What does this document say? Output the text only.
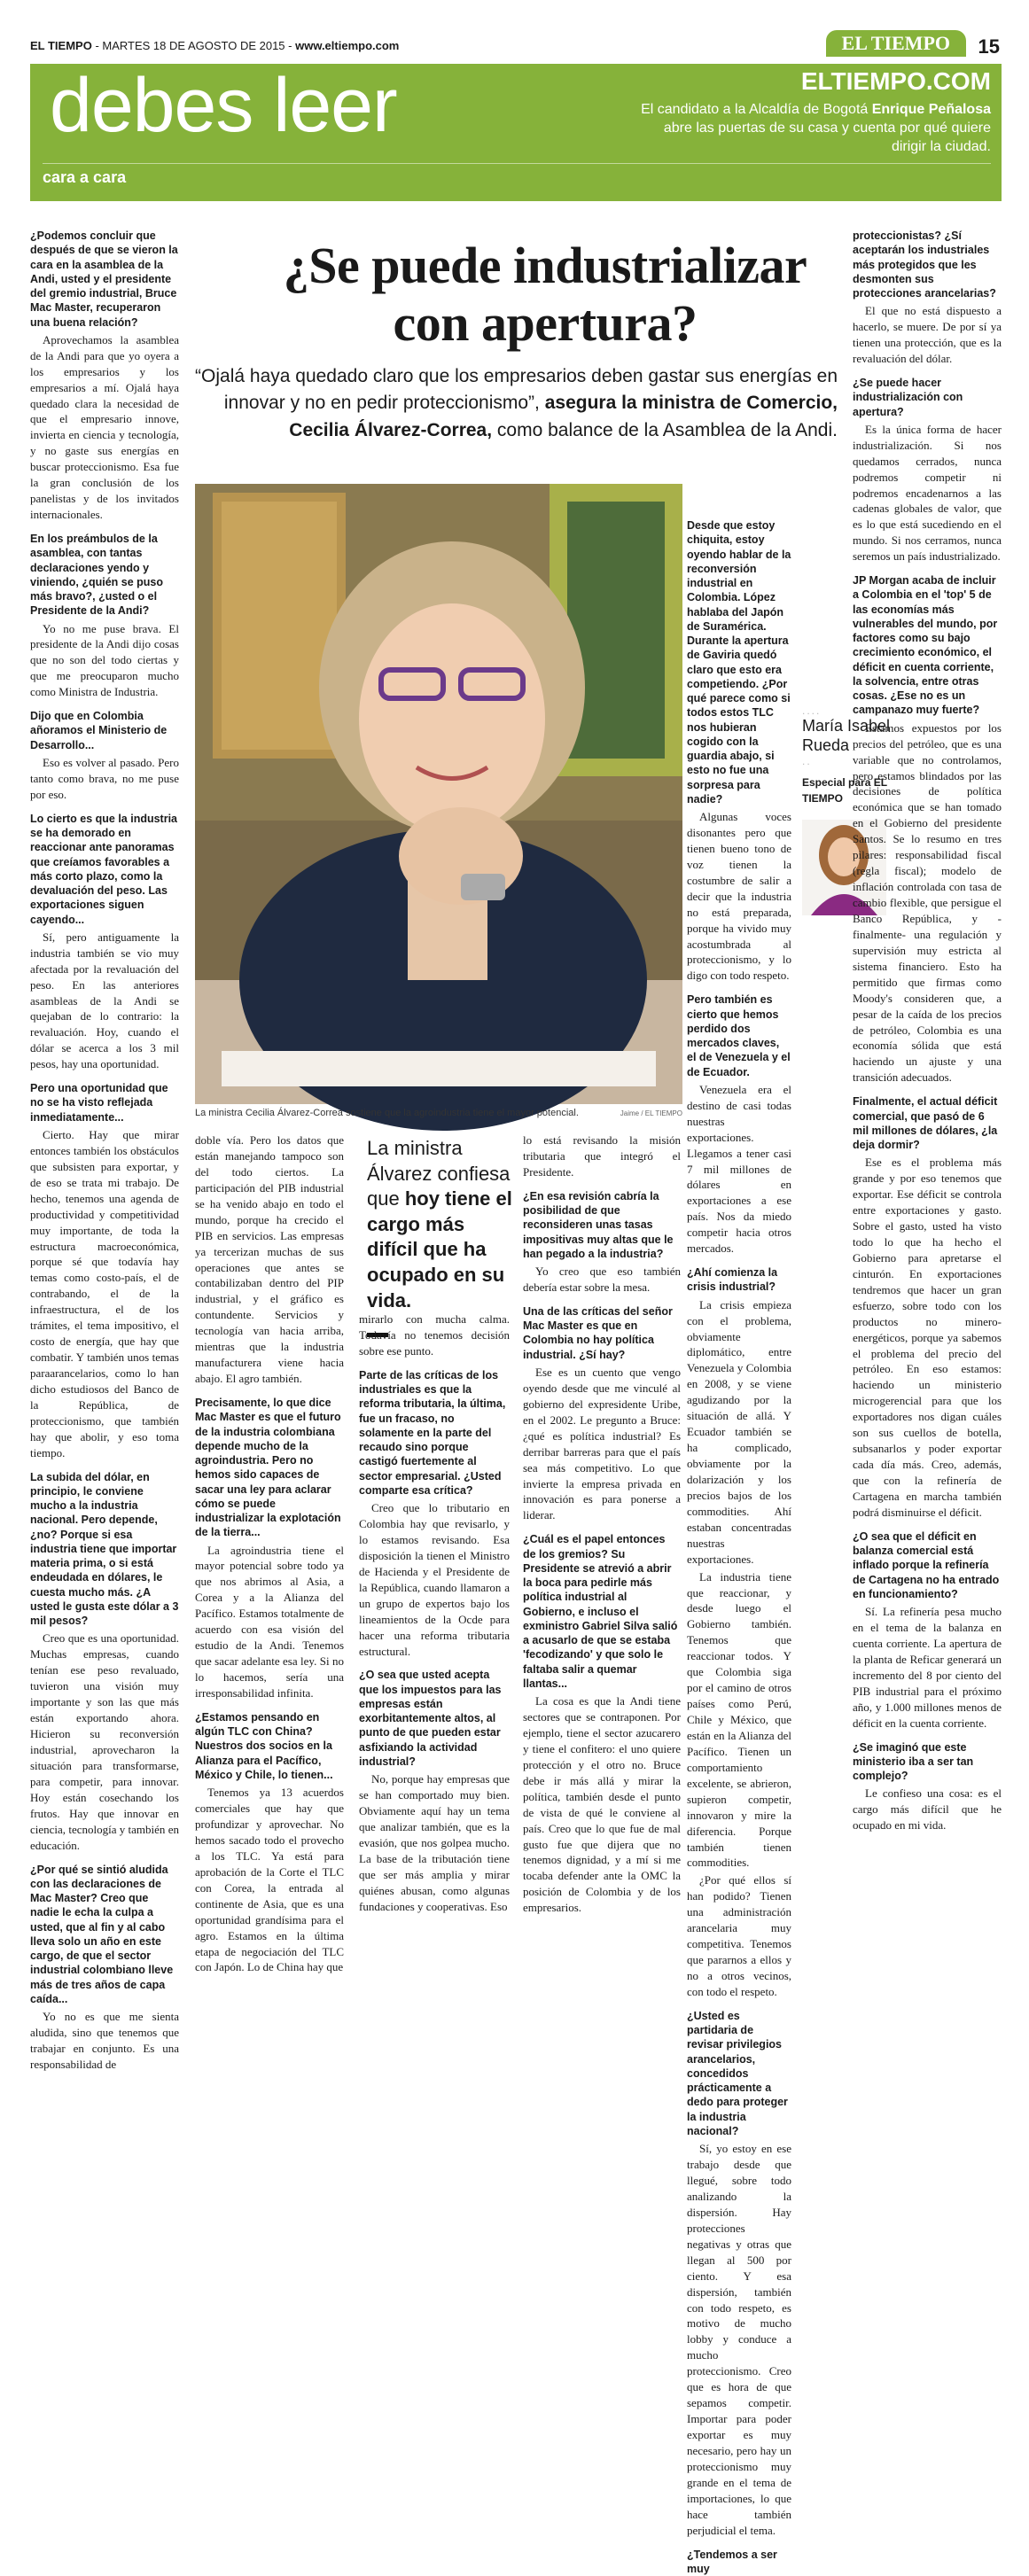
EL TIEMPO - MARTES 18 DE AGOSTO DE 2015 - www.eltiempo.com	EL TIEMPO	15
debes leer
cara a cara
ELTIEMPO.COM
El candidato a la Alcaldía de Bogotá Enrique Peñalosa abre las puertas de su casa y cuenta por qué quiere dirigir la ciudad.
¿Se puede industrializar
con apertura?
“Ojalá haya quedado claro que los empresarios deben gastar sus energías en innovar y no en pedir proteccionismo”, asegura la ministra de Comercio,
Cecilia Álvarez-Correa, como balance de la Asamblea de la Andi.
La ministra Cecilia Álvarez-Correa sostiene que la agroindustria tiene el mayor potencial.	Jaime / EL TIEMPO
La ministra Álvarez confiesa
que hoy tiene el cargo más difícil que ha ocupado en su vida.
....
María Isabel Rueda
..
Especial para EL TIEMPO

¿Podemos concluir que después de que se vieron la cara en la asamblea de la Andi, usted y el presidente del gremio industrial, Bruce Mac Master, recuperaron una buena relación?

Aprovechamos la asamblea de la Andi para que yo oyera a los empresarios y los empresarios a mí. Ojalá haya quedado clara la necesidad de que el empresario innove, invierta en ciencia y tecnología, y no gaste sus energías en buscar proteccionismo. Esa fue la gran conclusión de los panelistas y de los invitados internacionales.

En los preámbulos de la asamblea, con tantas declaraciones yendo y viniendo, ¿quién se puso más bravo?, ¿usted o el Presidente de la Andi?

Yo no me puse brava. El presidente de la Andi dijo cosas que no son del todo ciertas y que me preocuparon mucho como Ministra de Industria.

Dijo que en Colombia añoramos el Ministerio de Desarrollo...

Eso es volver al pasado. Pero tanto como brava, no me puse por eso.

Lo cierto es que la industria se ha demorado en reaccionar ante panoramas que creíamos favorables a más corto plazo, como la devaluación del peso. Las exportaciones siguen cayendo...

Sí, pero antiguamente la industria también se vio muy afectada por la revaluación del peso. En las anteriores asambleas de la Andi se quejaban de lo contrario: la revaluación. Hoy, cuando el dólar se acerca a los 3 mil pesos, hay una oportunidad.

Pero una oportunidad que no se ha visto reflejada inmediatamente...

Cierto. Hay que mirar entonces también los obstáculos que subsisten para exportar, y de eso se trata mi trabajo. De hecho, tenemos una agenda de productividad y competitividad muy importante, de toda la estructura macroeconómica, porque sé que todavía hay temas como costo-país, el de contrabando, el de la infraestructura, el de los trámites, el tema impositivo, el costo de energía, que hay que combatir. Y también unos temas paraarancelarios, como lo han dicho estudiosos del Banco de la República, de proteccionismo, que también hay que abolir, y eso toma tiempo.

La subida del dólar, en principio, le conviene mucho a la industria nacional. Pero depende, ¿no? Porque si esa industria tiene que importar materia prima, o si está endeudada en dólares, le cuesta mucho más. ¿A usted le gusta este dólar a 3 mil pesos?

Creo que es una oportunidad. Muchas empresas, cuando tenían ese peso revaluado, tuvieron una visión muy importante y son las que más están exportando ahora. Hicieron su reconversión industrial, aprovecharon la situación para transformarse, para competir, para innovar. Hoy están cosechando los frutos. Hay que innovar en ciencia, tecnología y también en educación.

¿Por qué se sintió aludida con las declaraciones de Mac Master? Creo que nadie le echa la culpa a usted, que al fin y al cabo lleva solo un año en este cargo, de que el sector industrial colombiano lleve más de tres años de capa caída...

Yo no es que me sienta aludida, sino que tenemos que trabajar en conjunto. Es una responsabilidad de

doble vía. Pero los datos que están manejando tampoco son del todo ciertos. La participación del PIB industrial se ha venido abajo en todo el mundo, porque ha crecido el PIB en servicios. Las empresas ya tercerizan muchas de sus operaciones que antes se contabilizaban dentro del PIP industrial, y el gráfico es contundente. Servicios y tecnología van hacia arriba, mientras que la industria manufacturera viene hacia abajo. El agro también.

Precisamente, lo que dice Mac Master es que el futuro de la industria colombiana depende mucho de la agroindustria. Pero no hemos sido capaces de sacar una ley para aclarar cómo se puede industrializar la explotación de la tierra...

La agroindustria tiene el mayor potencial sobre todo ya que nos abrimos al Asia, a Corea y a la Alianza del Pacífico. Estamos totalmente de acuerdo con esa visión del estudio de la Andi. Tenemos que sacar adelante esa ley. Si no lo hacemos, sería una irresponsabilidad infinita.

¿Estamos pensando en algún TLC con China? Nuestros dos socios en la Alianza para el Pacífico, México y Chile, lo tienen...

Tenemos ya 13 acuerdos comerciales que hay que profundizar y aprovechar. No hemos sacado todo el provecho a los TLC. Ya está para aprobación de la Corte el TLC con Corea, la entrada al continente de Asia, que es una oportunidad grandísima para el agro. Estamos en la última etapa de negociación del TLC con Japón. Lo de China hay que

mirarlo con mucha calma. Todavía no tenemos decisión sobre ese punto.

Parte de las críticas de los industriales es que la reforma tributaria, la última, fue un fracaso, no solamente en la parte del recaudo sino porque castigó fuertemente al sector empresarial. ¿Usted comparte esa crítica?

Creo que lo tributario en Colombia hay que revisarlo, y lo estamos revisando. Esa disposición la tienen el Ministro de Hacienda y el Presidente de la República, cuando llamaron a un grupo de expertos bajo los lineamientos de la Ocde para hacer una reforma tributaria estructural.

¿O sea que usted acepta que los impuestos para las empresas están exorbitantemente altos, al punto de que pueden estar asfixiando la actividad industrial?

No, porque hay empresas que se han comportado muy bien. Obviamente aquí hay un tema que analizar también, que es la evasión, que nos golpea mucho. La base de la tributación tiene que ser más amplia y mirar quiénes abusan, como algunas fundaciones y cooperativas. Eso

lo está revisando la misión tributaria que integró el Presidente.

¿En esa revisión cabría la posibilidad de que reconsideren unas tasas impositivas muy altas que le han pegado a la industria?

Yo creo que eso también debería estar sobre la mesa.

Una de las críticas del señor Mac Master es que en Colombia no hay política industrial. ¿Sí hay?

Ese es un cuento que vengo oyendo desde que me vinculé al gobierno del expresidente Uribe, en el 2002. Le pregunto a Bruce: ¿qué es política industrial? Es derribar barreras para que el país sea más competitivo. Lo que invierte la empresa privada en innovación es para ponerse a liderar.

¿Cuál es el papel entonces de los gremios? Su Presidente se atrevió a abrir la boca para pedirle más política industrial al Gobierno, e incluso el exministro Gabriel Silva salió a acusarlo de que se estaba 'fecodizando' y que solo le faltaba salir a quemar llantas...

La cosa es que la Andi tiene sectores que se contraponen. Por ejemplo, tiene el sector azucarero y tiene el confitero: el uno quiere protección y el otro no. Bruce debe ir más allá y mirar la política, también desde el punto de vista de qué le conviene al país. Creo que lo que fue de mal gusto fue que dijera que no tenemos dignidad, y a mí si me tocaba defender ante la OMC la posición de Colombia y de los empresarios.

Desde que estoy chiquita, estoy oyendo hablar de la reconversión industrial en Colombia. López hablaba del Japón de Suramérica. Durante la apertura de Gaviria quedó claro que esto era competiendo. ¿Por qué parece como si todos estos TLC nos hubieran cogido con la guardia abajo, si esto no fue una sorpresa para nadie?

Algunas voces disonantes pero que tienen bueno tono de voz tienen la costumbre de salir a decir que la industria no está preparada, porque ha vivido muy acostumbrada al proteccionismo, y lo digo con todo respeto.

Pero también es cierto que hemos perdido dos mercados claves, el de Venezuela y el de Ecuador.

Venezuela era el destino de casi todas nuestras exportaciones. Llegamos a tener casi 7 mil millones de dólares en exportaciones a ese país. Nos da miedo competir hacia otros mercados.

¿Ahí comienza la crisis industrial?

La crisis empieza con el problema, obviamente diplomático, entre Venezuela y Colombia en 2008, y se viene agudizando por la situación de allá. Y Ecuador también se ha complicado, obviamente por la dolarización y los precios bajos de los commodities. Ahí estaban concentradas nuestras exportaciones.

La industria tiene que reaccionar, y desde luego el Gobierno también. Tenemos que reaccionar todos. Y que Colombia siga por el camino de otros países como Perú, Chile y México, que están en la Alianza del Pacífico. Tienen un comportamiento excelente, se abrieron, supieron competir, innovaron y mire la diferencia. Porque también tienen commodities.

¿Por qué ellos sí han podido? Tienen una administración arancelaria muy competitiva. Tenemos que pararnos a ellos y no a otros vecinos, con todo el respeto.

¿Usted es partidaria de revisar privilegios arancelarios, concedidos prácticamente a dedo para proteger la industria nacional?

Sí, yo estoy en ese trabajo desde que llegué, sobre todo analizando la dispersión. Hay protecciones negativas y otras que llegan al 500 por ciento. Y esa dispersión, también con todo respeto, es motivo de mucho lobby y conduce a mucho proteccionismo. Creo que es hora de que sepamos competir. Importar para poder exportar es muy necesario, pero hay un proteccionismo muy grande en el tema de importaciones, lo que hace también perjudicial el tema.

¿Tendemos a ser muy

proteccionistas? ¿Sí aceptarán los industriales más protegidos que les desmonten sus protecciones arancelarias?

El que no está dispuesto a hacerlo, se muere. De por sí ya tienen una protección, que es la revaluación del dólar.

¿Se puede hacer industrialización con apertura?

Es la única forma de hacer industrialización. Si nos quedamos cerrados, nunca podremos competir ni podremos encadenarnos a las cadenas globales de valor, que es lo que está sucediendo en el mundo. Si nos cerramos, nunca seremos un país industrializado.

JP Morgan acaba de incluir a Colombia en el 'top' 5 de las economías más vulnerables del mundo, por factores como su bajo crecimiento económico, el déficit en cuenta corriente, la solvencia, entre otras cosas. ¿Ese no es un campanazo muy fuerte?

Estamos expuestos por los precios del petróleo, que es una variable que no controlamos, pero estamos blindados por las decisiones de política económica que se han tomado en el Gobierno del presidente Santos. Se lo resumo en tres pilares: responsabilidad fiscal (regla fiscal); modelo de inflación controlada con tasa de cambio flexible, que persigue el Banco República, y -finalmente- una regulación y supervisión muy estricta al sistema financiero. Esto ha permitido que firmas como Moody's consideren que, a pesar de la caída de los precios de petróleo, Colombia es una economía sólida que está haciendo un ajuste y una transición adecuados.

Finalmente, el actual déficit comercial, que pasó de 6 mil millones de dólares, ¿la deja dormir?

Ese es el problema más grande y por eso tenemos que exportar. Ese déficit se controla entre exportaciones y gasto. Sobre el gasto, usted ha visto todo lo que ha hecho el Gobierno para apretarse el cinturón. En exportaciones tendremos que hacer un gran esfuerzo, sobre todo con los productos no minero-energéticos, porque ya sabemos el problema del precio del petróleo. En eso estamos: haciendo un ministerio microgerencial para que los exportadores nos digan cuáles son sus cuellos de botella, subsanarlos y poder exportar cada día más. Creo, además, que con la refinería de Cartagena en marcha también podrá disminuirse el déficit.

¿O sea que el déficit en balanza comercial está inflado porque la refinería de Cartagena no ha entrado en funcionamiento?

Sí. La refinería pesa mucho en el tema de la balanza en cuenta corriente. La apertura de la planta de Reficar generará un incremento del 8 por ciento del PIB industrial para el próximo año, y 1.000 millones menos de déficit en la cuenta corriente.

¿Se imaginó que este ministerio iba a ser tan complejo?

Le confieso una cosa: es el cargo más difícil que he ocupado en mi vida.
